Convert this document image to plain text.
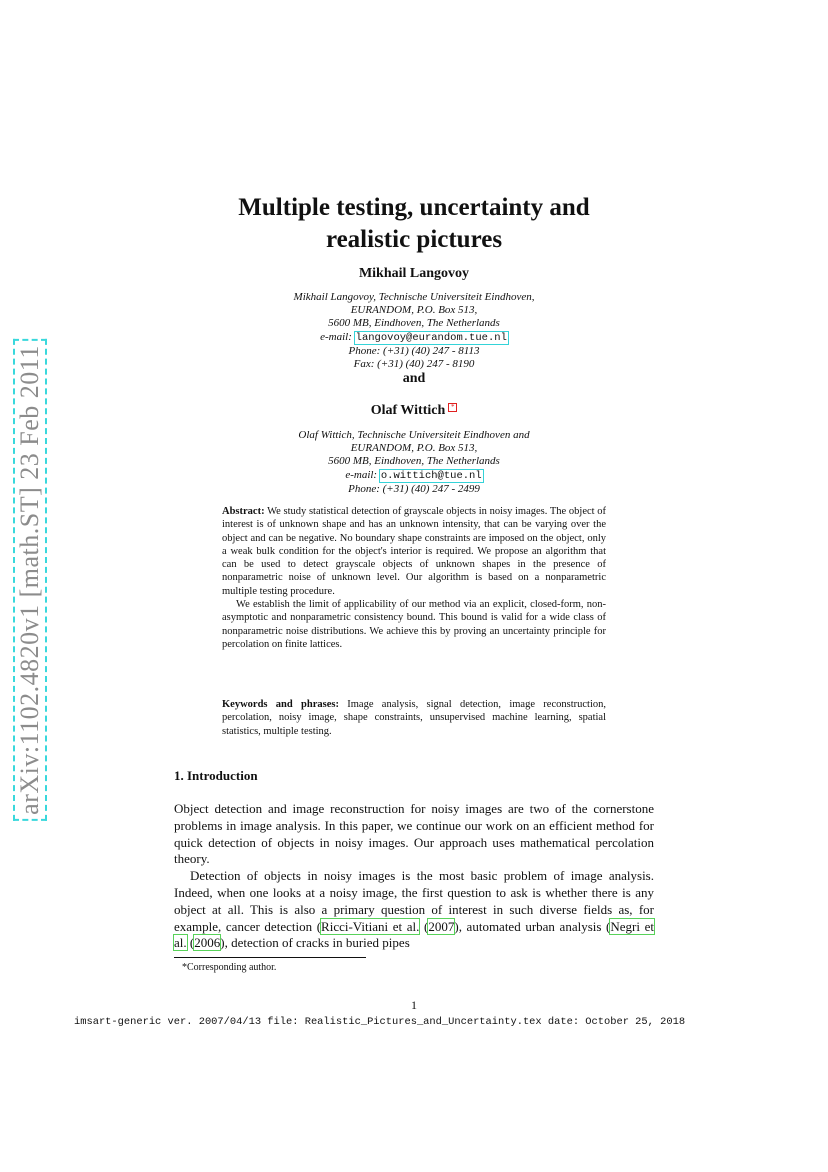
arXiv:1102.4820v1 [math.ST] 23 Feb 2011
Multiple testing, uncertainty and
realistic pictures
Mikhail Langovoy
Mikhail Langovoy, Technische Universiteit Eindhoven,
EURANDOM, P.O. Box 513,
5600 MB, Eindhoven, The Netherlands
e-mail: langovoy@eurandom.tue.nl
Phone: (+31) (40) 247 - 8113
Fax: (+31) (40) 247 - 8190
and
Olaf Wittich *
Olaf Wittich, Technische Universiteit Eindhoven and
EURANDOM, P.O. Box 513,
5600 MB, Eindhoven, The Netherlands
e-mail: o.wittich@tue.nl
Phone: (+31) (40) 247 - 2499

Abstract: We study statistical detection of grayscale objects in noisy images. The object of interest is of unknown shape and has an unknown intensity, that can be varying over the object and can be negative. No boundary shape constraints are imposed on the object, only a weak bulk condition for the object's interior is required. We propose an algorithm that can be used to detect grayscale objects of unknown shapes in the presence of nonparametric noise of unknown level. Our algorithm is based on a nonparametric multiple testing procedure.

We establish the limit of applicability of our method via an explicit, closed-form, non-asymptotic and nonparametric consistency bound. This bound is valid for a wide class of nonparametric noise distributions. We achieve this by proving an uncertainty principle for percolation on finite lattices.

Keywords and phrases: Image analysis, signal detection, image reconstruction, percolation, noisy image, shape constraints, unsupervised machine learning, spatial statistics, multiple testing.
1. Introduction

Object detection and image reconstruction for noisy images are two of the cornerstone problems in image analysis. In this paper, we continue our work on an efficient method for quick detection of objects in noisy images. Our approach uses mathematical percolation theory.

Detection of objects in noisy images is the most basic problem of image analysis. Indeed, when one looks at a noisy image, the first question to ask is whether there is any object at all. This is also a primary question of interest in such diverse fields as, for example, cancer detection (Ricci-Vitiani et al. (2007), automated urban analysis (Negri et al. (2006), detection of cracks in buried pipes

*Corresponding author.
1
imsart-generic ver. 2007/04/13 file: Realistic_Pictures_and_Uncertainty.tex date: October 25, 2018
